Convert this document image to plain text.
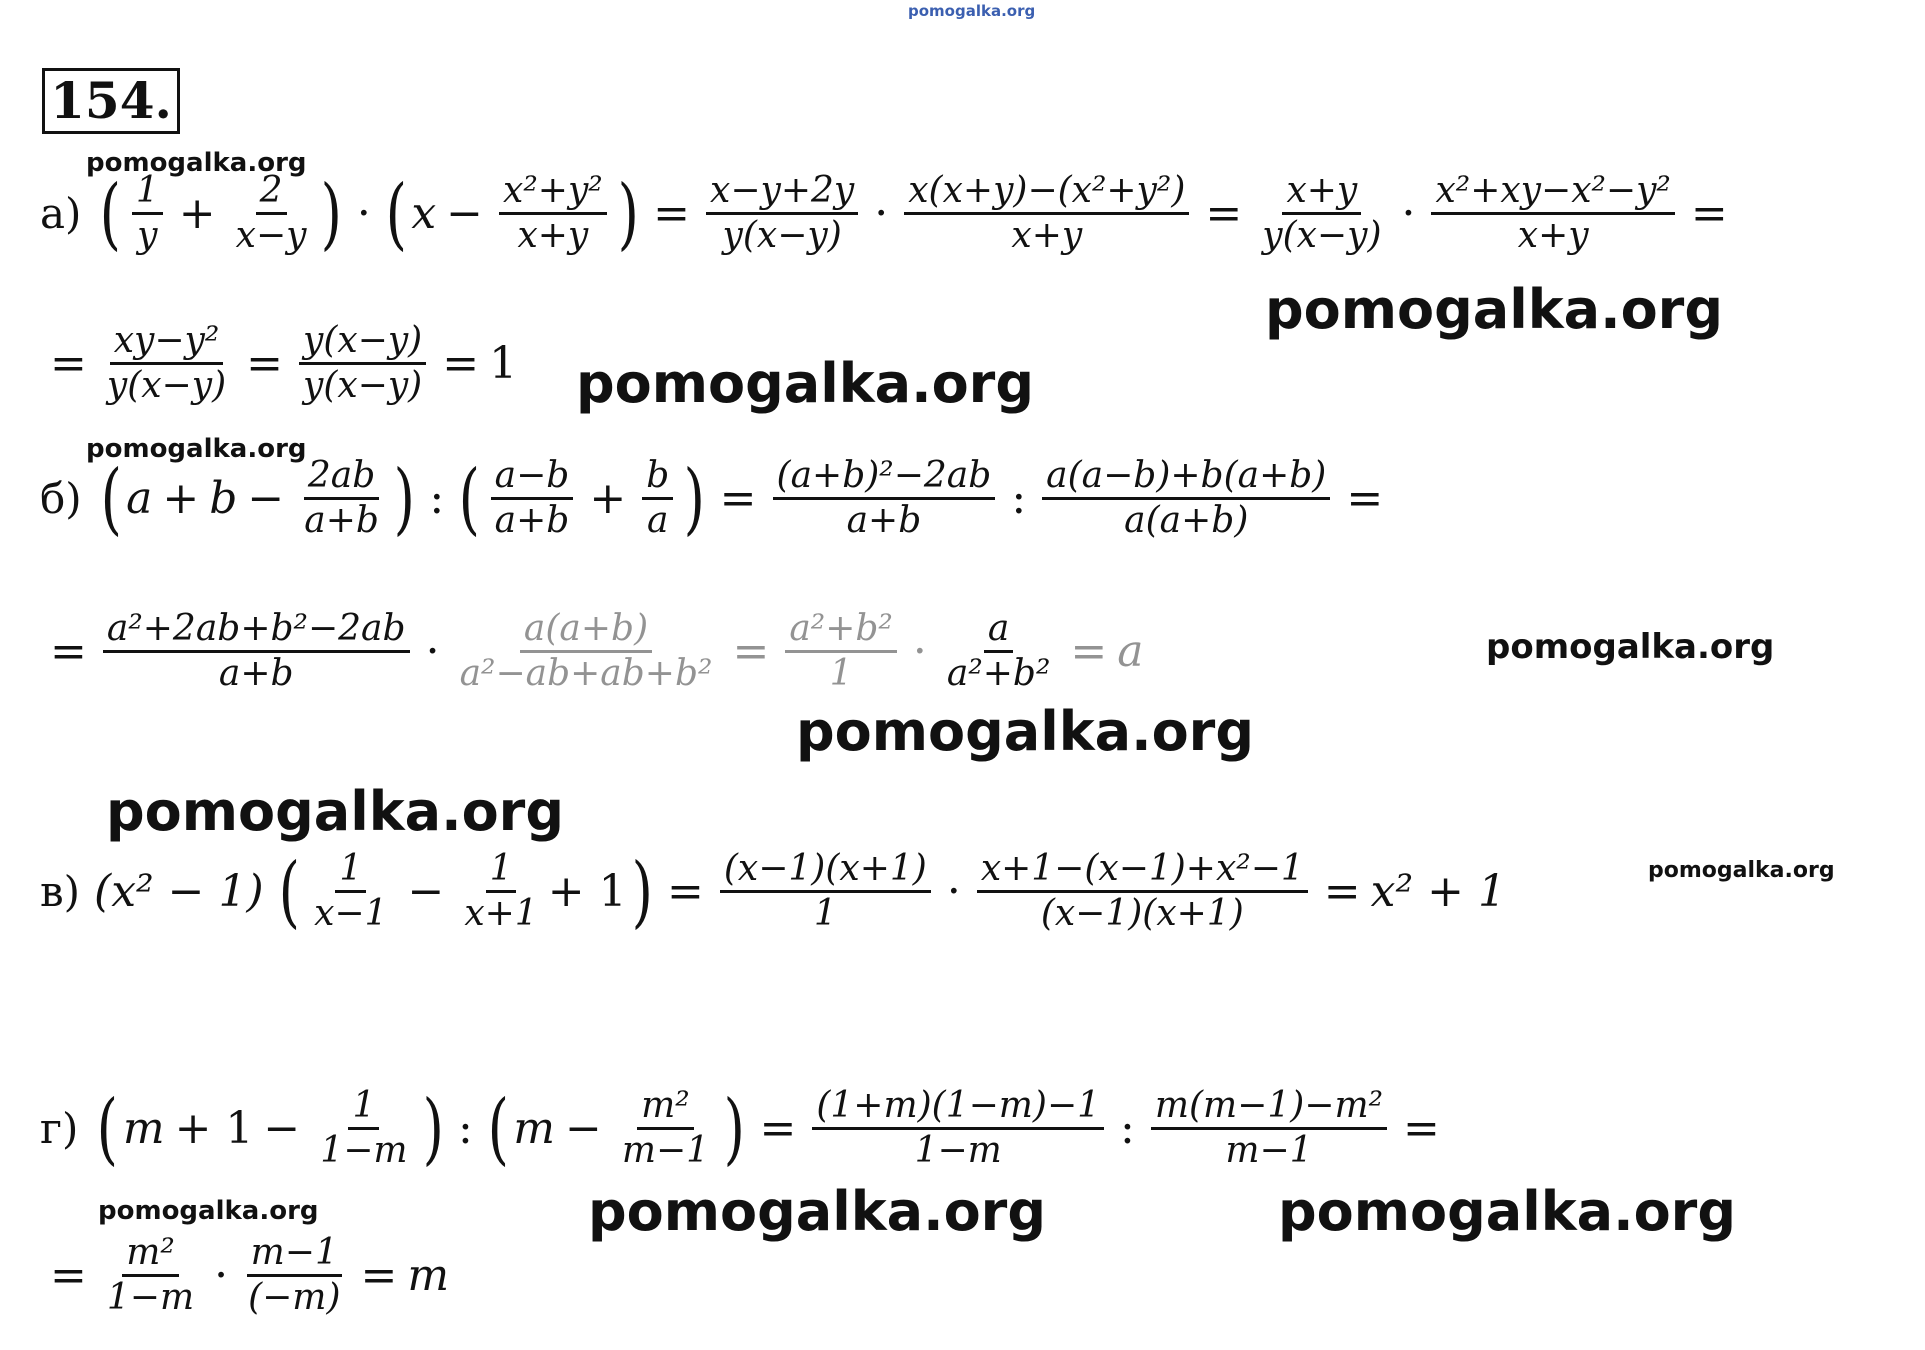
pomogalka.org
154.
pomogalka.org
pomogalka.org
pomogalka.org
pomogalka.org
pomogalka.org
pomogalka.org
pomogalka.org
pomogalka.org
pomogalka.org	pomogalka.org	pomogalka.org
а) ( $\frac{1}{y} + \frac{2}{x-y}$ ) · ( $x - \frac{\text{x²+y²}}{x+y}$ ) = $\frac{x-y+2y}{y(x-y)} \cdot \frac{\text{x(x+y)−(x²+y²)}}{x+y} = \frac{x+y}{y(x-y)} \cdot \frac{\text{x²+xy−x²−y²}}{x+y}$ =
= $\frac{\text{xy−y²}}{y(x-y)} = \frac{y(x-y)}{y(x-y)} = 1$
б) ( $a + b - \frac{2ab}{a+b}$ ) : ( $\frac{a-b}{a+b} + \frac{b}{a}$ ) = $\frac{\text{(a+b)²−2ab}}{a+b}$ : $\frac{a(a-b)+b(a+b)}{a(a+b)}$ =
= $\frac{\text{a²+2ab+b²−2ab}}{a+b} \cdot \frac{a(a+b)}{\text{a²−ab+ab+b²}} = \frac{\text{a²+b²}}{1} \cdot \frac{a}{\text{a²+b²}} = a$
в) (x² − 1) ( $\frac{1}{x-1} - \frac{1}{x+1} + 1$ ) = $\frac{(x-1)(x+1)}{1} \cdot \frac{\text{x+1−(x−1)+x²−1}}{(x-1)(x+1)} = x^2 + 1$
г) ( $m + 1 - \frac{1}{1-m}$ ) : ( $m - \frac{\text{m²}}{m-1}$ ) = $\frac{(1+m)(1-m)-1}{1-m}$ : $\frac{\text{m(m−1)−m²}}{m-1}$ =
= $\frac{\text{m²}}{1-m} \cdot \frac{m-1}{(-m)} = m$
